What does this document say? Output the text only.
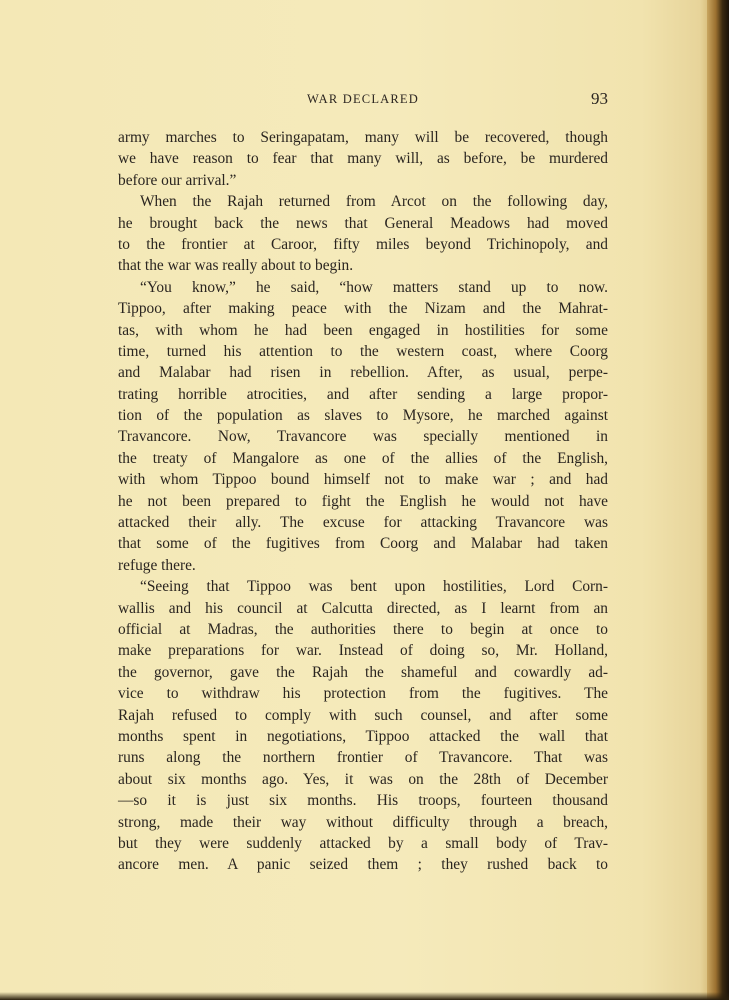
WAR DECLARED	93
army marches to Seringapatam, many will be recovered, though
we have reason to fear that many will, as before, be murdered
before our arrival.”
When the Rajah returned from Arcot on the following day,
he brought back the news that General Meadows had moved
to the frontier at Caroor, fifty miles beyond Trichinopoly, and
that the war was really about to begin.
“You know,” he said, “how matters stand up to now.
Tippoo, after making peace with the Nizam and the Mahrat-
tas, with whom he had been engaged in hostilities for some
time, turned his attention to the western coast, where Coorg
and Malabar had risen in rebellion. After, as usual, perpe-
trating horrible atrocities, and after sending a large propor-
tion of the population as slaves to Mysore, he marched against
Travancore. Now, Travancore was specially mentioned in
the treaty of Mangalore as one of the allies of the English,
with whom Tippoo bound himself not to make war ; and had
he not been prepared to fight the English he would not have
attacked their ally. The excuse for attacking Travancore was
that some of the fugitives from Coorg and Malabar had taken
refuge there.
“Seeing that Tippoo was bent upon hostilities, Lord Corn-
wallis and his council at Calcutta directed, as I learnt from an
official at Madras, the authorities there to begin at once to
make preparations for war. Instead of doing so, Mr. Holland,
the governor, gave the Rajah the shameful and cowardly ad-
vice to withdraw his protection from the fugitives. The
Rajah refused to comply with such counsel, and after some
months spent in negotiations, Tippoo attacked the wall that
runs along the northern frontier of Travancore. That was
about six months ago. Yes, it was on the 28th of December
—so it is just six months. His troops, fourteen thousand
strong, made their way without difficulty through a breach,
but they were suddenly attacked by a small body of Trav-
ancore men. A panic seized them ; they rushed back to
